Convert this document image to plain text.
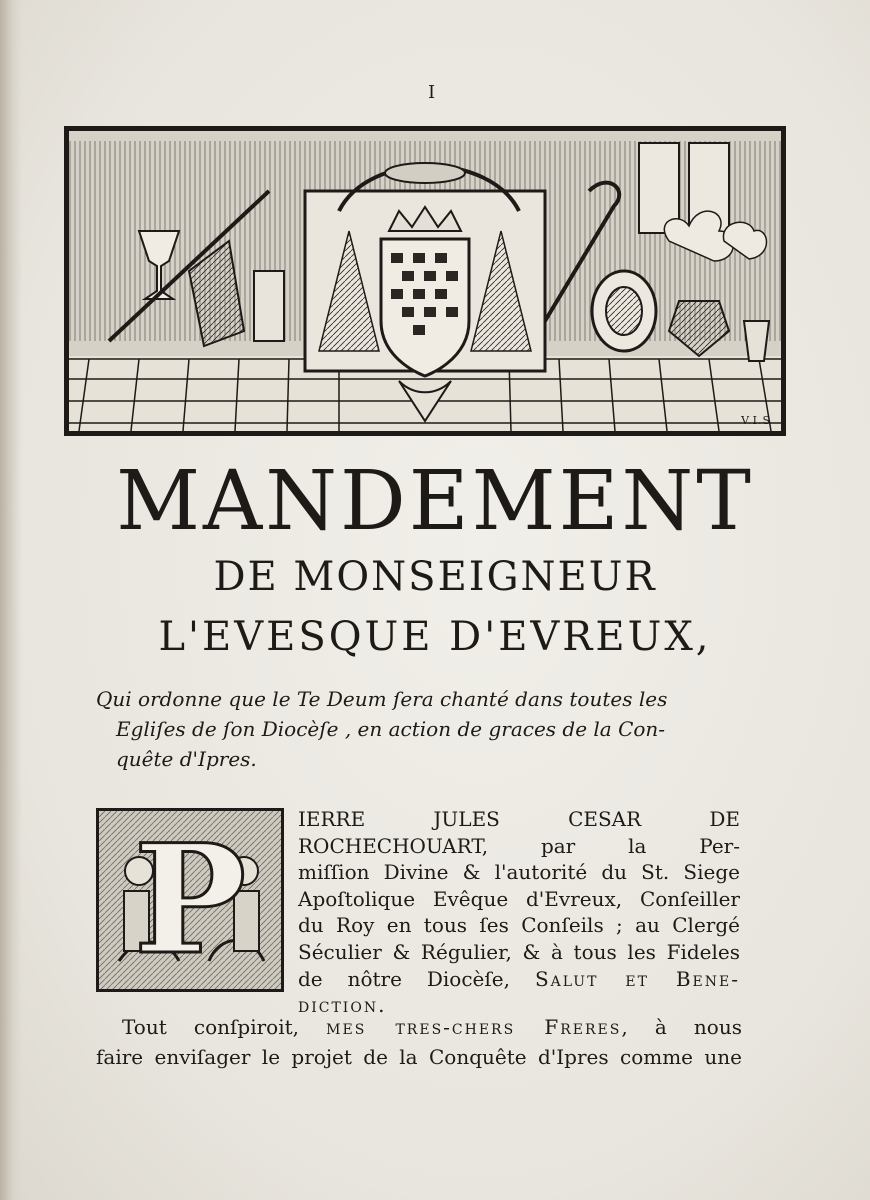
I
V.I.S
MANDEMENT
DE MONSEIGNEUR
L'EVESQUE D'EVREUX,
Qui ordonne que le Te Deum ſera chanté dans toutes les
Egliſes de ſon Diocèſe , en action de graces de la Con-
quête d'Ipres.
P	IERRE JULES CESAR DE
ROCHECHOUART, par la Per-
miſſion Divine & l'autorité du St. Siege
Apoſtolique Evêque d'Evreux, Conſeiller
du Roy en tous ſes Conſeils ; au Clergé
Séculier & Régulier, & à tous les Fideles
de nôtre Diocèſe, Salut et Bene-
diction.
Tout conſpiroit, mes tres-chers Freres, à nous
faire enviſager le projet de la Conquête d'Ipres comme une
